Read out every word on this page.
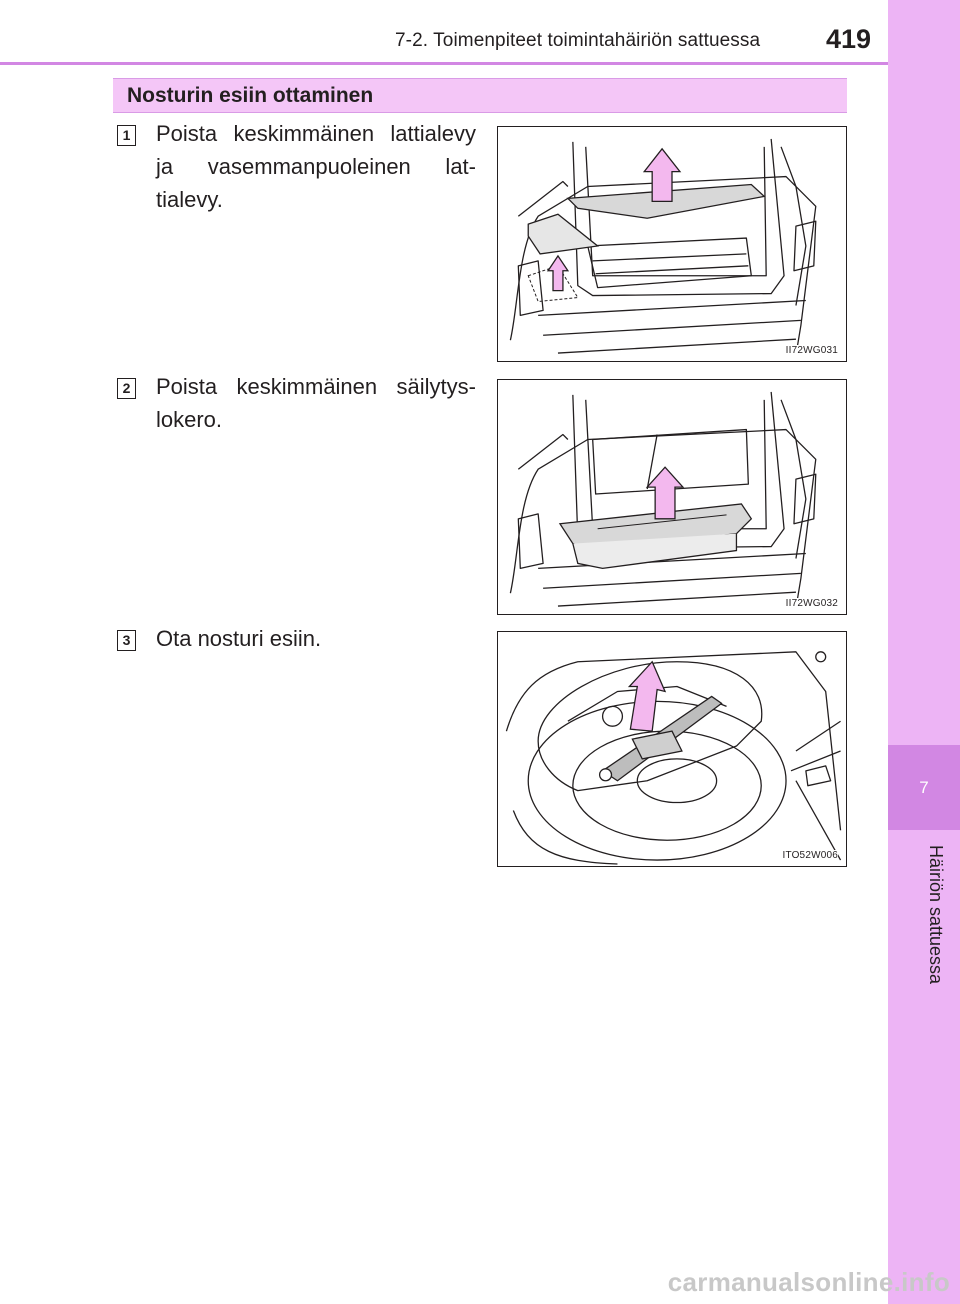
7-2. Toimenpiteet toimintahäiriön sattuessa 419
7
Häiriön sattuessa
Nosturin esiin ottaminen
1 Poista keskimmäinen lattialevy ja vasemmanpuoleinen lat-tialevy.
II72WG031
2 Poista keskimmäinen säilytys-lokero.
II72WG032
3 Ota nosturi esiin.
ITO52W006
carmanualsonline.info
